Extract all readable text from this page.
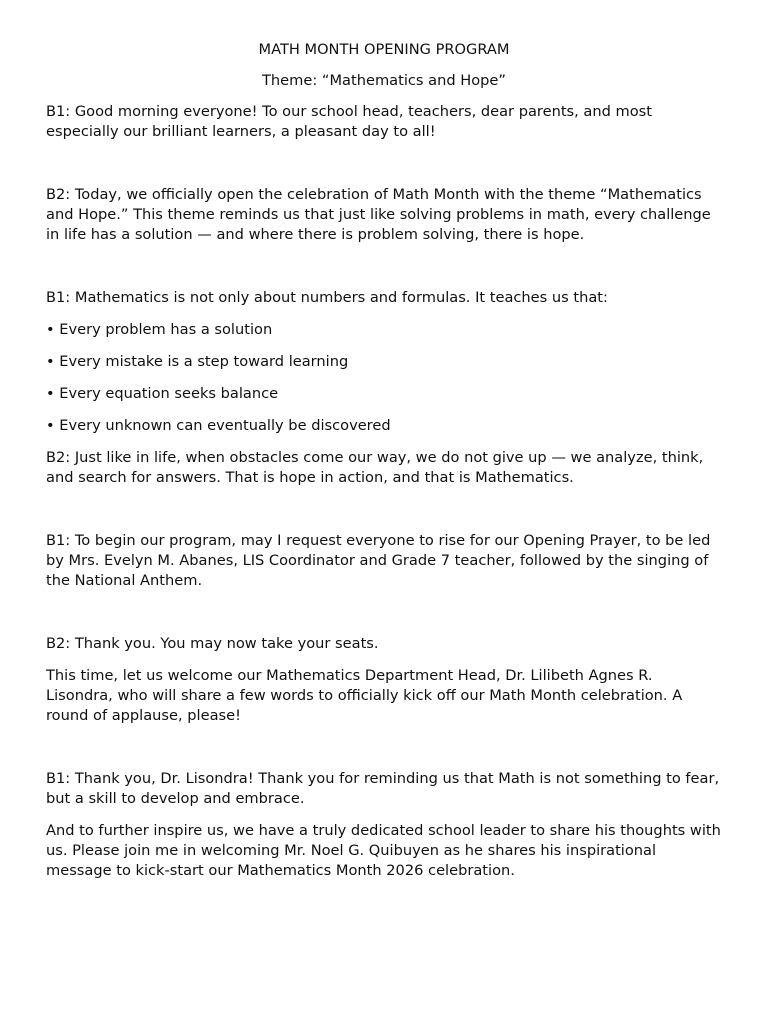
MATH MONTH OPENING PROGRAM

Theme: “Mathematics and Hope”

B1: Good morning everyone! To our school head, teachers, dear parents, and most especially our brilliant learners, a pleasant day to all!

B2: Today, we officially open the celebration of Math Month with the theme “Mathematics and Hope.” This theme reminds us that just like solving problems in math, every challenge in life has a solution — and where there is problem solving, there is hope.

B1: Mathematics is not only about numbers and formulas. It teaches us that:

• Every problem has a solution

• Every mistake is a step toward learning

• Every equation seeks balance

• Every unknown can eventually be discovered

B2: Just like in life, when obstacles come our way, we do not give up — we analyze, think, and search for answers. That is hope in action, and that is Mathematics.

B1: To begin our program, may I request everyone to rise for our Opening Prayer, to be led by Mrs. Evelyn M. Abanes, LIS Coordinator and Grade 7 teacher, followed by the singing of the National Anthem.

B2: Thank you. You may now take your seats.

This time, let us welcome our Mathematics Department Head, Dr. Lilibeth Agnes R. Lisondra, who will share a few words to officially kick off our Math Month celebration. A round of applause, please!

B1: Thank you, Dr. Lisondra! Thank you for reminding us that Math is not something to fear, but a skill to develop and embrace.

And to further inspire us, we have a truly dedicated school leader to share his thoughts with us. Please join me in welcoming Mr. Noel G. Quibuyen as he shares his inspirational message to kick-start our Mathematics Month 2026 celebration.
